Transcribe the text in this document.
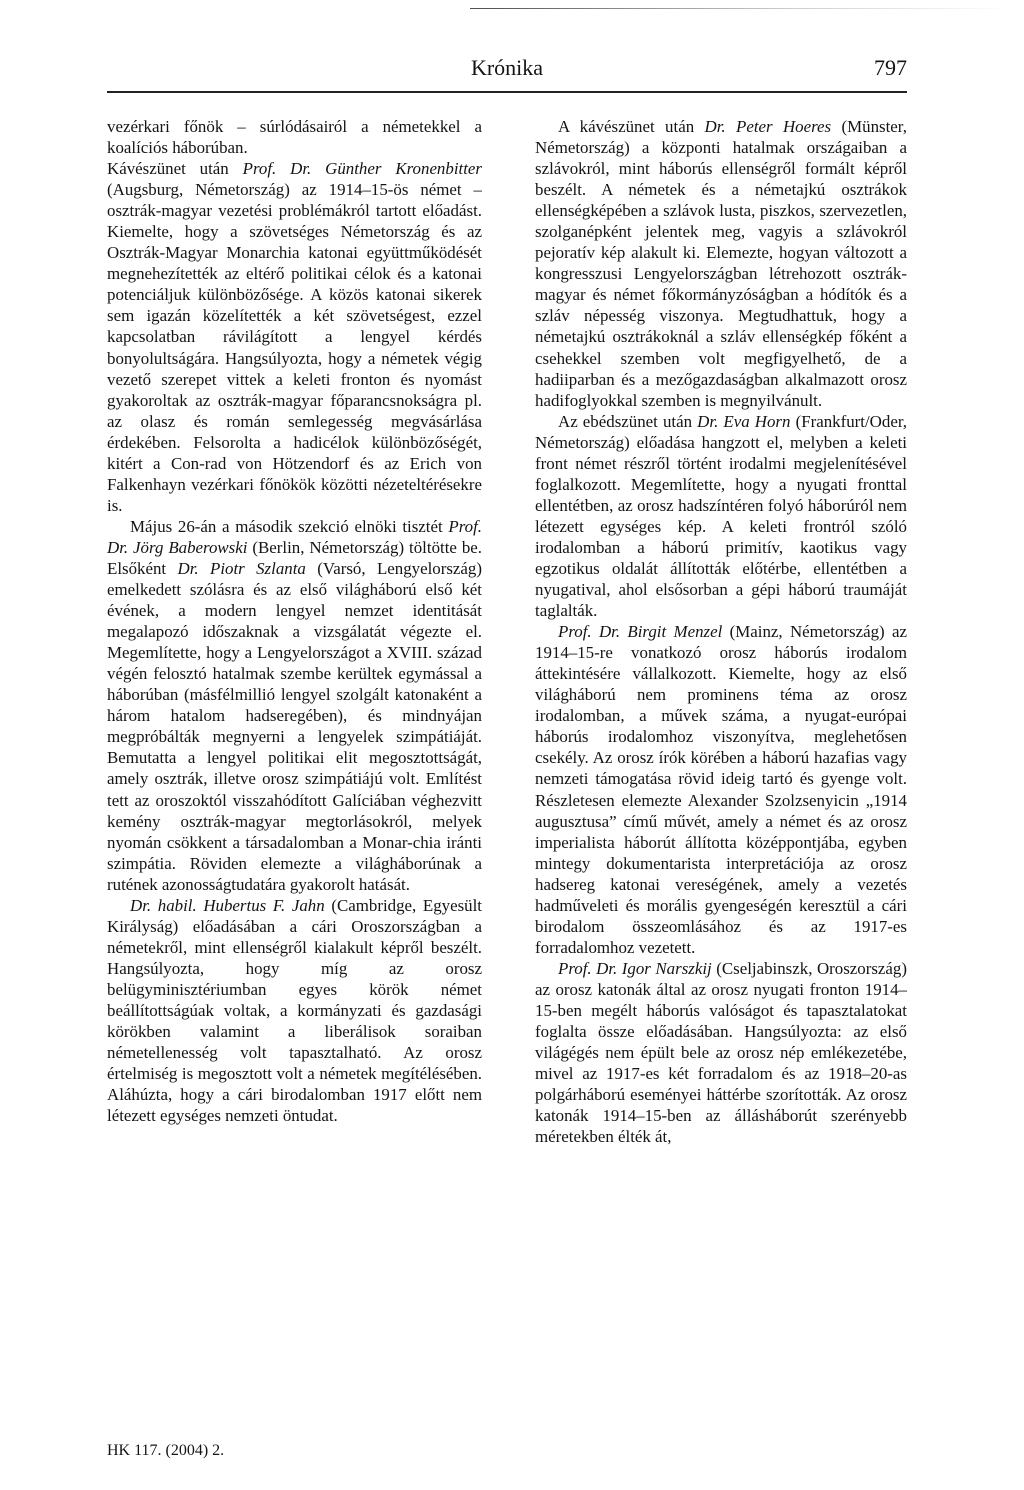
Krónika	797

vezérkari főnök – súrlódásairól a németekkel a koalíciós háborúban.

Kávészünet után Prof. Dr. Günther Kronenbitter (Augsburg, Németország) az 1914–15-ös német – osztrák-magyar vezetési problémákról tartott előadást. Kiemelte, hogy a szövetséges Németország és az Osztrák-Magyar Monarchia katonai együttműködését megnehezítették az eltérő politikai célok és a katonai potenciáljuk különbözősége. A közös katonai sikerek sem igazán közelítették a két szövetségest, ezzel kapcsolatban rávilágított a lengyel kérdés bonyolultságára. Hangsúlyozta, hogy a németek végig vezető szerepet vittek a keleti fronton és nyomást gyakoroltak az osztrák-magyar főparancsnokságra pl. az olasz és román semlegesség megvásárlása érdekében. Felsorolta a hadicélok különbözőségét, kitért a Con-rad von Hötzendorf és az Erich von Falkenhayn vezérkari főnökök közötti nézeteltérésekre is.

Május 26-án a második szekció elnöki tisztét Prof. Dr. Jörg Baberowski (Berlin, Németország) töltötte be. Elsőként Dr. Piotr Szlanta (Varsó, Lengyelország) emelkedett szólásra és az első világháború első két évének, a modern lengyel nemzet identitását megalapozó időszaknak a vizsgálatát végezte el. Megemlítette, hogy a Lengyelországot a XVIII. század végén felosztó hatalmak szembe kerültek egymással a háborúban (másfélmillió lengyel szolgált katonaként a három hatalom hadseregében), és mindnyájan megpróbálták megnyerni a lengyelek szimpátiáját. Bemutatta a lengyel politikai elit megosztottságát, amely osztrák, illetve orosz szimpátiájú volt. Említést tett az oroszoktól visszahódított Galíciában véghezvitt kemény osztrák-magyar megtorlásokról, melyek nyomán csökkent a társadalomban a Monar-chia iránti szimpátia. Röviden elemezte a világháborúnak a rutének azonosságtudatára gyakorolt hatását.

Dr. habil. Hubertus F. Jahn (Cambridge, Egyesült Királyság) előadásában a cári Oroszországban a németekről, mint ellenségről kialakult képről beszélt. Hangsúlyozta, hogy míg az orosz belügyminisztériumban egyes körök német beállítottságúak voltak, a kormányzati és gazdasági körökben valamint a liberálisok soraiban németellenesség volt tapasztalható. Az orosz értelmiség is megosztott volt a németek megítélésében. Aláhúzta, hogy a cári birodalomban 1917 előtt nem létezett egységes nemzeti öntudat.

A kávészünet után Dr. Peter Hoeres (Münster, Németország) a központi hatalmak országaiban a szlávokról, mint háborús ellenségről formált képről beszélt. A németek és a németajkú osztrákok ellenségképében a szlávok lusta, piszkos, szervezetlen, szolganépként jelentek meg, vagyis a szlávokról pejoratív kép alakult ki. Elemezte, hogyan változott a kongresszusi Lengyelországban létrehozott osztrák-magyar és német főkormányzóságban a hódítók és a szláv népesség viszonya. Megtudhattuk, hogy a németajkú osztrákoknál a szláv ellenségkép főként a csehekkel szemben volt megfigyelhető, de a hadiiparban és a mezőgazdaságban alkalmazott orosz hadifoglyokkal szemben is megnyilvánult.

Az ebédszünet után Dr. Eva Horn (Frankfurt/Oder, Németország) előadása hangzott el, melyben a keleti front német részről történt irodalmi megjelenítésével foglalkozott. Megemlítette, hogy a nyugati fronttal ellentétben, az orosz hadszíntéren folyó háborúról nem létezett egységes kép. A keleti frontról szóló irodalomban a háború primitív, kaotikus vagy egzotikus oldalát állították előtérbe, ellentétben a nyugatival, ahol elsősorban a gépi háború traumáját taglalták.

Prof. Dr. Birgit Menzel (Mainz, Németország) az 1914–15-re vonatkozó orosz háborús irodalom áttekintésére vállalkozott. Kiemelte, hogy az első világháború nem prominens téma az orosz irodalomban, a művek száma, a nyugat-európai háborús irodalomhoz viszonyítva, meglehetősen csekély. Az orosz írók körében a háború hazafias vagy nemzeti támogatása rövid ideig tartó és gyenge volt. Részletesen elemezte Alexander Szolzsenyicin „1914 augusztusa” című művét, amely a német és az orosz imperialista háborút állította középpontjába, egyben mintegy dokumentarista interpretációja az orosz hadsereg katonai vereségének, amely a vezetés hadműveleti és morális gyengeségén keresztül a cári birodalom összeomlásához és az 1917-es forradalomhoz vezetett.

Prof. Dr. Igor Narszkij (Cseljabinszk, Oroszország) az orosz katonák által az orosz nyugati fronton 1914–15-ben megélt háborús valóságot és tapasztalatokat foglalta össze előadásában. Hangsúlyozta: az első világégés nem épült bele az orosz nép emlékezetébe, mivel az 1917-es két forradalom és az 1918–20-as polgárháború eseményei háttérbe szorították. Az orosz katonák 1914–15-ben az állásháborút szerényebb méretekben élték át,

HK 117. (2004) 2.
